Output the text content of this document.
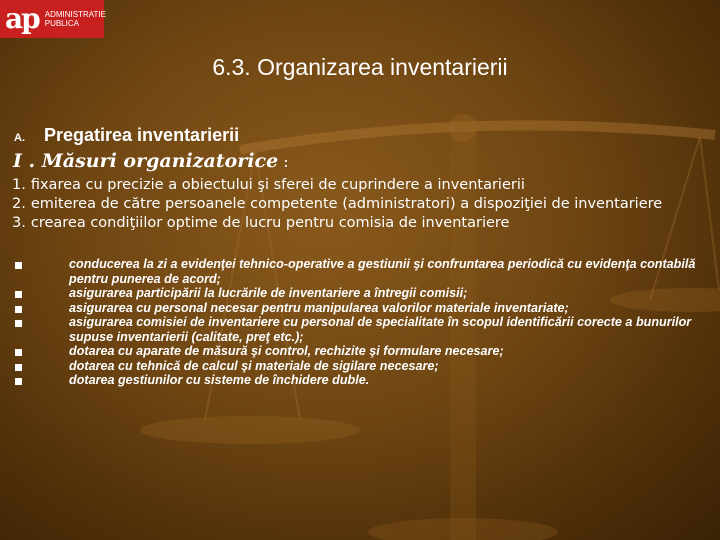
ap ADMINISTRATIE
PUBLICA
6.3. Organizarea inventarierii
A.	Pregatirea inventarierii
I . Măsuri organizatorice :
1. fixarea cu precizie a obiectului şi sferei de cuprindere a inventarierii
2. emiterea de către persoanele competente (administratori) a dispoziţiei de inventariere
3. crearea condiţiilor optime de lucru pentru comisia de inventariere
conducerea la zi a evidenţei tehnico-operative a gestiunii şi confruntarea periodică cu evidenţa contabilă pentru punerea de acord;
asigurarea participării la lucrările de inventariere a întregii comisii;
asigurarea cu personal necesar pentru manipularea valorilor materiale inventariate;
asigurarea comisiei de inventariere cu personal de specialitate în scopul identificării corecte a bunurilor supuse inventarierii (calitate, preţ etc.);
dotarea cu aparate de măsură şi control, rechizite şi formulare necesare;
dotarea cu tehnică de calcul şi materiale de sigilare necesare;
dotarea gestiunilor cu sisteme de închidere duble.
